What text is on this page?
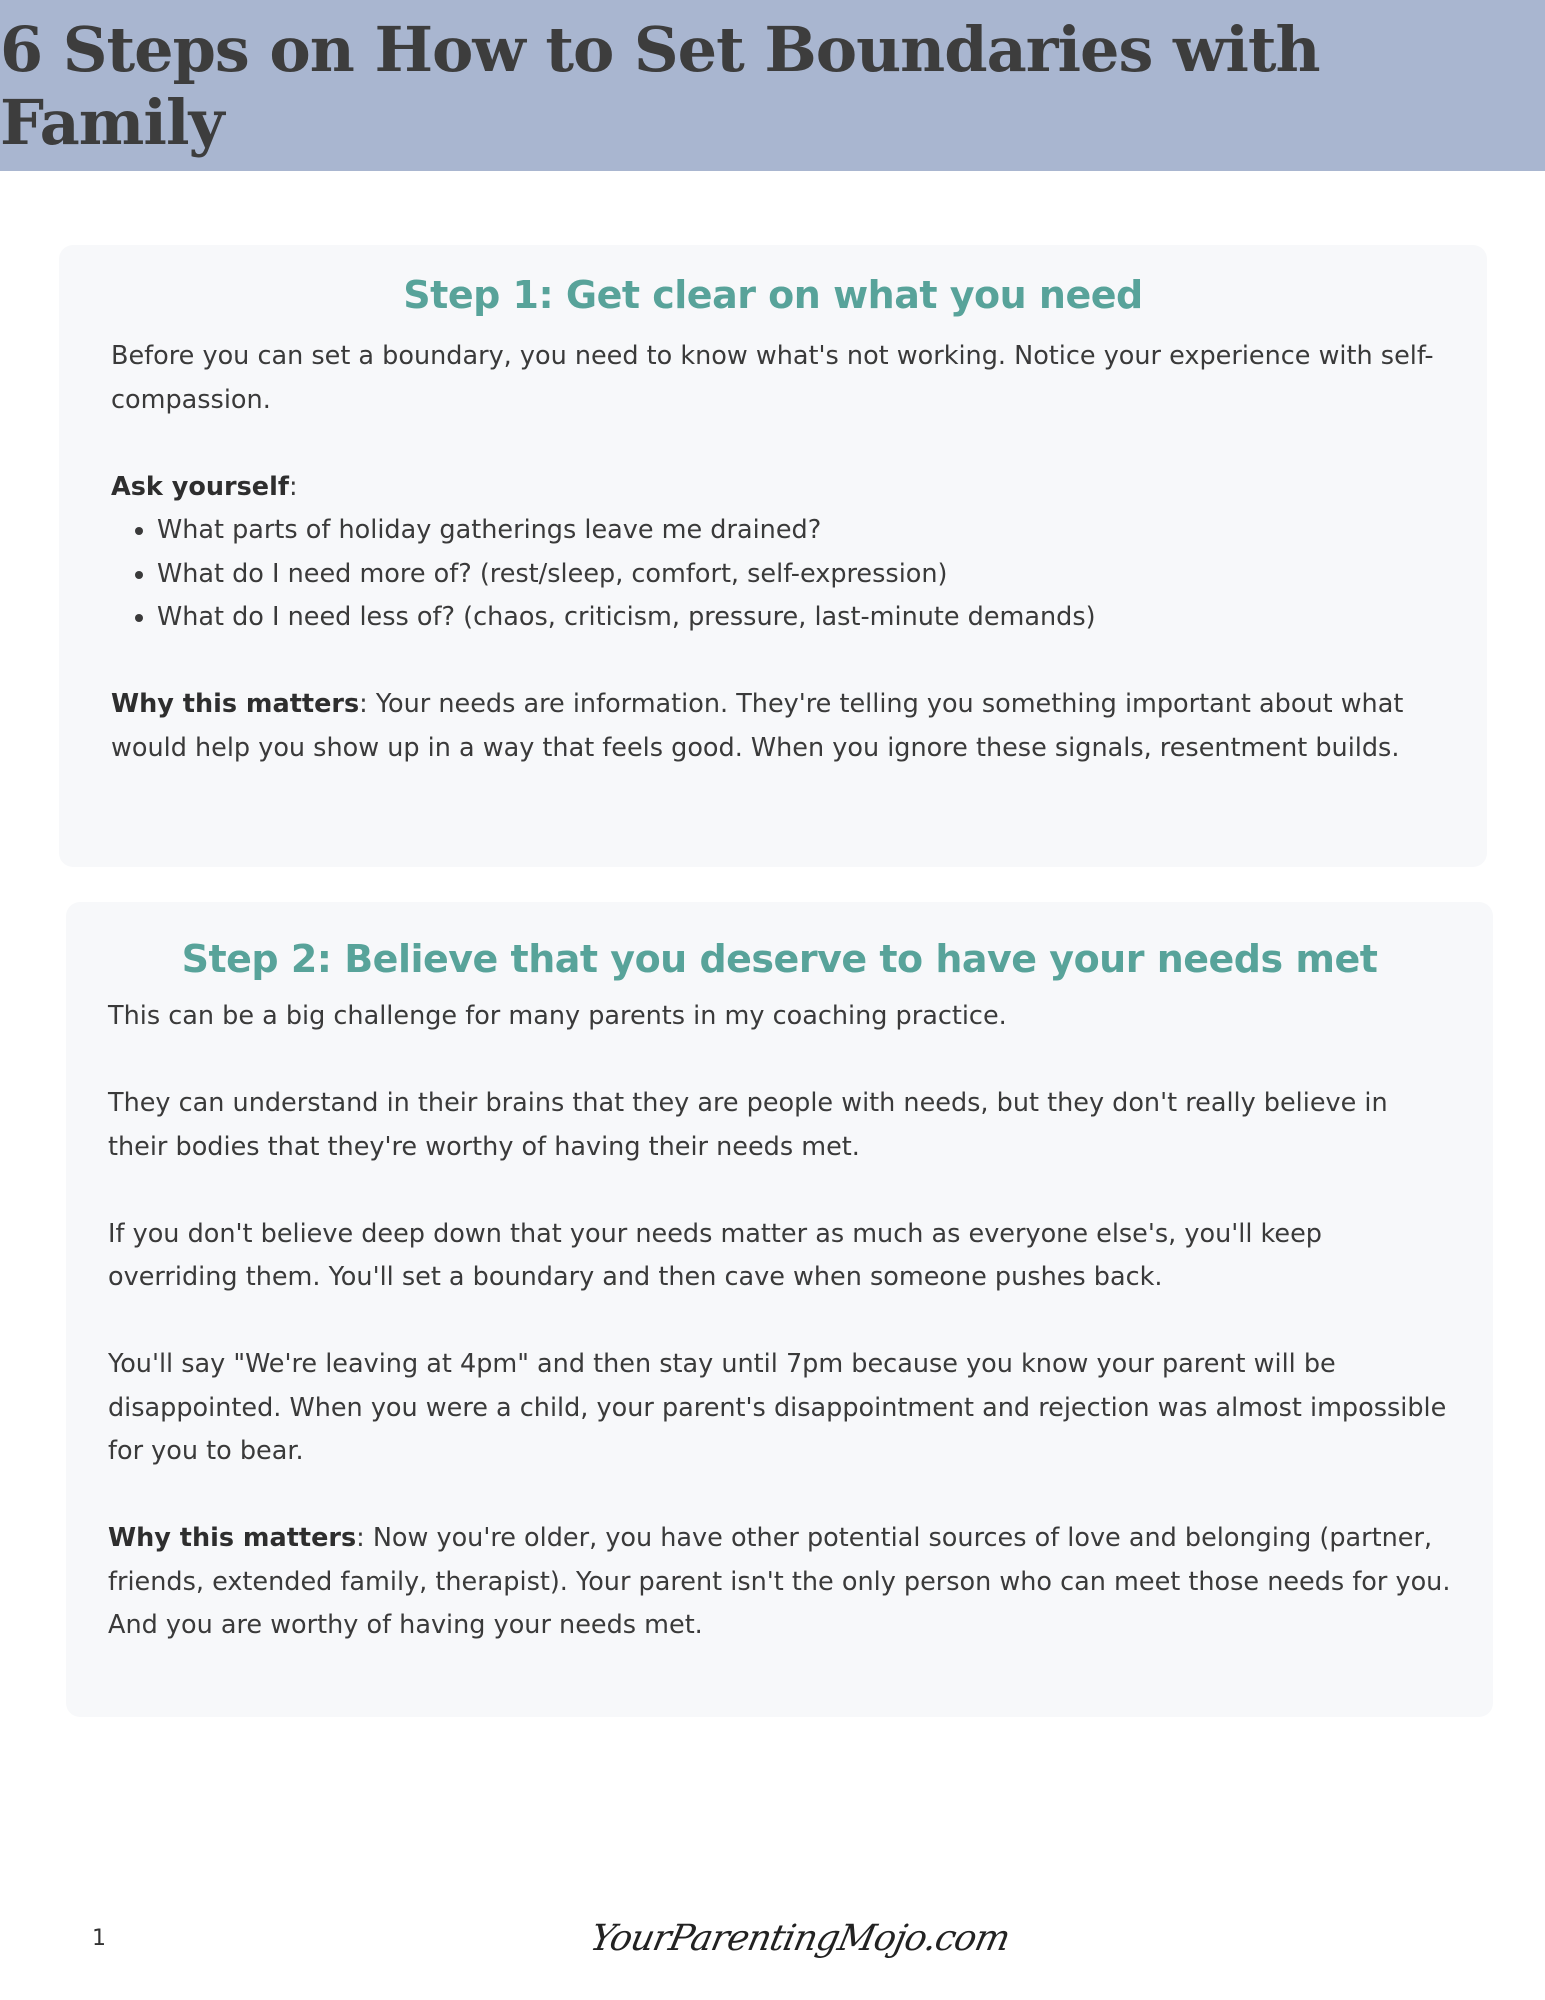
6 Steps on How to Set Boundaries with Family
Step 1: Get clear on what you need

Before you can set a boundary, you need to know what's not working. Notice your experience with self-compassion.

Ask yourself:

• What parts of holiday gatherings leave me drained?
• What do I need more of? (rest/sleep, comfort, self-expression)
• What do I need less of? (chaos, criticism, pressure, last-minute demands)

Why this matters: Your needs are information. They're telling you something important about what would help you show up in a way that feels good. When you ignore these signals, resentment builds.

Step 2: Believe that you deserve to have your needs met

This can be a big challenge for many parents in my coaching practice.

They can understand in their brains that they are people with needs, but they don't really believe in their bodies that they're worthy of having their needs met.

If you don't believe deep down that your needs matter as much as everyone else's, you'll keep overriding them. You'll set a boundary and then cave when someone pushes back.

You'll say "We're leaving at 4pm" and then stay until 7pm because you know your parent will be disappointed. When you were a child, your parent's disappointment and rejection was almost impossible for you to bear.

Why this matters: Now you're older, you have other potential sources of love and belonging (partner, friends, extended family, therapist). Your parent isn't the only person who can meet those needs for you. And you are worthy of having your needs met.

1	YourParentingMojo.com
